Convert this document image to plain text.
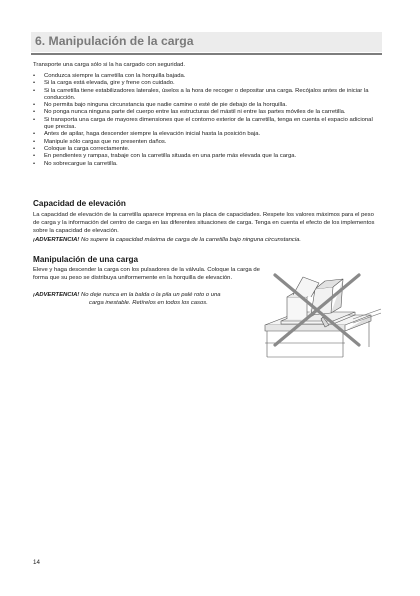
6. Manipulación de la carga

Transporte una carga sólo si la ha cargado con seguridad.

• Conduzca siempre la carretilla con la horquilla bajada.
• Si la carga está elevada, gire y frene con cuidado.
• Si la carretilla tiene estabilizadores laterales, úselos a la hora de recoger o depositar una carga. Recójalos antes de iniciar la conducción.
• No permita bajo ninguna circunstancia que nadie camine o esté de pie debajo de la horquilla.
• No ponga nunca ninguna parte del cuerpo entre las estructuras del mástil ni entre las partes móviles de la carretilla.
• Si transporta una carga de mayores dimensiones que el contorno exterior de la carretilla, tenga en cuenta el espacio adicional que precisa.
• Antes de apilar, haga descender siempre la elevación inicial hasta la posición baja.
• Manipule sólo cargas que no presenten daños.
• Coloque la carga correctamente.
• En pendientes y rampas, trabaje con la carretilla situada en una parte más elevada que la carga.
• No sobrecargue la carretilla.
Capacidad de elevación

La capacidad de elevación de la carretilla aparece impresa en la placa de capacidades. Respete los valores máximos para el peso de carga y la información del centro de carga en las diferentes situaciones de carga. Tenga en cuenta el efecto de los implementos sobre la capacidad de elevación.

¡ADVERTENCIA! No supere la capacidad máxima de carga de la carretilla bajo ninguna circunstancia.

Manipulación de una carga

Eleve y haga descender la carga con los pulsadores de la válvula. Coloque la carga de forma que su peso se distribuya uniformemente en la horquilla de elevación.

¡ADVERTENCIA! No deje nunca en la balda o la pila un palé roto o una
carga inestable. Retírelos en todos los casos.

14
